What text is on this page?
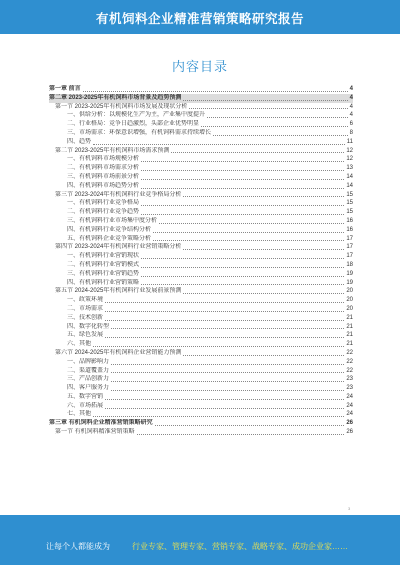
有机饲料企业精准营销策略研究报告
内容目录
第一章 前言	4
第二章 2023-2025年有机饲料市场背景及趋势预测	4
第一节 2023-2025年有机饲料市场发展及现状分析	4
一、供给分析：以规模化生产为主，产业集中度提升	4
二、行业格局：竞争日趋激烈，头部企业优势明显	6
三、市场需求：环保意识增强，有机饲料需求持续增长	8
四、趋势	11
第二节 2023-2025年有机饲料市场需求预测	12
一、有机饲料市场规模分析	12
二、有机饲料市场需求分析	13
三、有机饲料市场前景分析	14
四、有机饲料市场趋势分析	14
第三节 2023-2024年有机饲料行业竞争格局分析	15
一、有机饲料行业竞争格局	15
二、有机饲料行业竞争趋势	15
三、有机饲料行业市场集中度分析	16
四、有机饲料行业竞争结构分析	16
五、有机饲料企业竞争策略分析	17
第四节 2023-2024年有机饲料行业营销策略分析	17
一、有机饲料行业营销现状	17
二、有机饲料行业营销模式	18
三、有机饲料行业营销趋势	19
四、有机饲料行业营销策略	19
第五节 2024-2025年有机饲料行业发展前景预测	20
一、政策环境	20
二、市场需求	20
三、技术创新	21
四、数字化转型	21
五、绿色发展	21
六、其他	21
第六节 2024-2025年有机饲料企业营销能力预测	22
一、品牌影响力	22
二、渠道覆盖力	22
三、产品创新力	23
四、客户服务力	23
五、数字营销	24
六、市场拓展	24
七、其他	24
第三章 有机饲料企业精准营销策略研究	26
第一节 有机饲料精准营销策略	26
3
让每个人都能成为	行业专家、管理专家、营销专家、战略专家、成功企业家……
